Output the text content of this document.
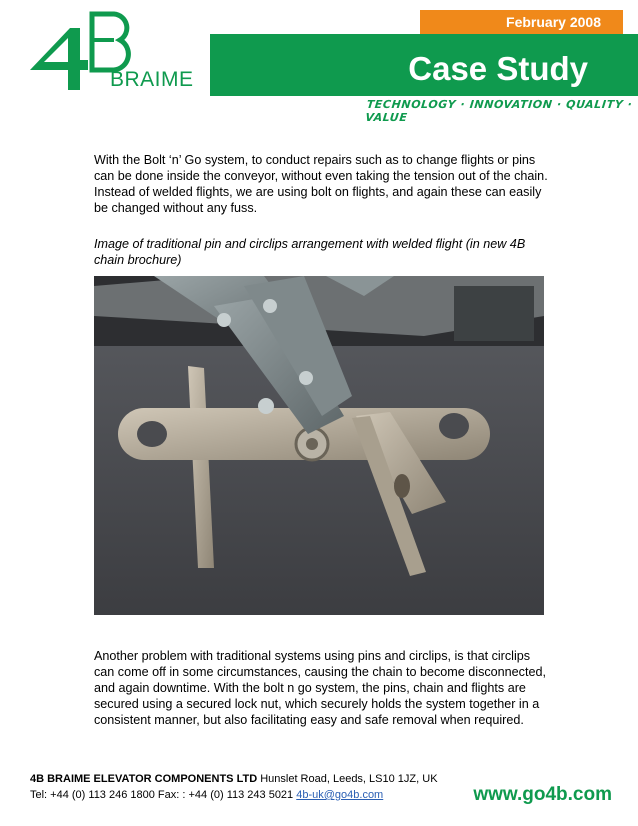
February 2008
BRAIME	Case Study
TECHNOLOGY · INNOVATION · QUALITY · VALUE
With the Bolt ‘n’ Go system, to conduct repairs such as to change flights or pins can be done inside the conveyor, without even taking the tension out of the chain. Instead of welded flights, we are using bolt on flights, and again these can easily be changed without any fuss.
Image of traditional pin and circlips arrangement with welded flight (in new 4B chain brochure)
Another problem with traditional systems using pins and circlips, is that circlips can come off in some circumstances, causing the chain to become disconnected, and again downtime. With the bolt n go system, the pins, chain and flights are secured using a secured lock nut, which securely holds the system together in a consistent manner, but also facilitating easy and safe removal when required.
4B BRAIME ELEVATOR COMPONENTS LTD Hunslet Road, Leeds, LS10 1JZ, UK
Tel: +44 (0) 113 246 1800 Fax: : +44 (0) 113 243 5021 4b-uk@go4b.com	www.go4b.com
